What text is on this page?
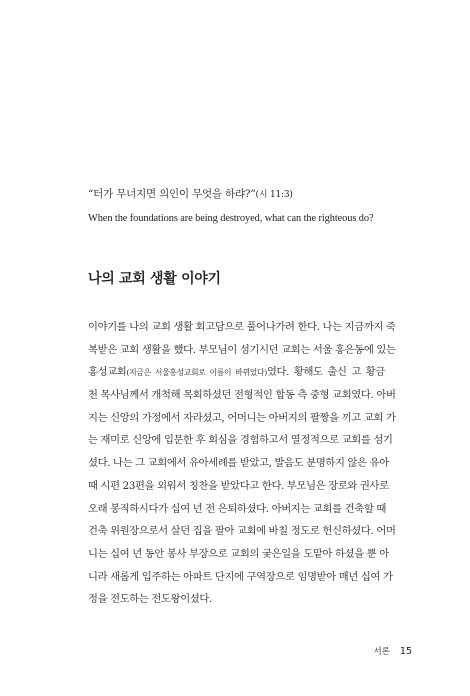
“터가 무너지면 의인이 무엇을 하랴?”(시 11:3)
When the foundations are being destroyed, what can the righteous do?
나의 교회 생활 이야기
이야기를 나의 교회 생활 회고담으로 풀어나가려 한다. 나는 지금까지 죽
복받은 교회 생활을 했다. 부모님이 섬기시던 교회는 서울 홍은동에 있는
홍성교회(지금은 서울홍성교회로 이름이 바뀌었다)였다. 황해도 출신 고 황금
천 목사님께서 개척해 목회하셨던 전형적인 합동 측 중형 교회였다. 아버
지는 신앙의 가정에서 자라셨고, 어머니는 아버지의 팔짱을 끼고 교회 가
는 재미로 신앙에 입문한 후 회심을 경험하고서 열정적으로 교회를 섬기
셨다. 나는 그 교회에서 유아세례를 받았고, 발음도 분명하지 않은 유아
때 시편 23편을 외워서 칭찬을 받았다고 한다. 부모님은 장로와 권사로
오래 봉직하시다가 십여 년 전 은퇴하셨다. 아버지는 교회를 건축할 때
건축 위원장으로서 살던 집을 팔아 교회에 바칠 정도로 헌신하셨다. 어머
니는 십여 년 동안 봉사 부장으로 교회의 궂은일을 도맡아 하셨을 뿐 아
니라 새롭게 입주하는 아파트 단지에 구역장으로 임명받아 매년 십여 가
정을 전도하는 전도왕이셨다.
서론 15
